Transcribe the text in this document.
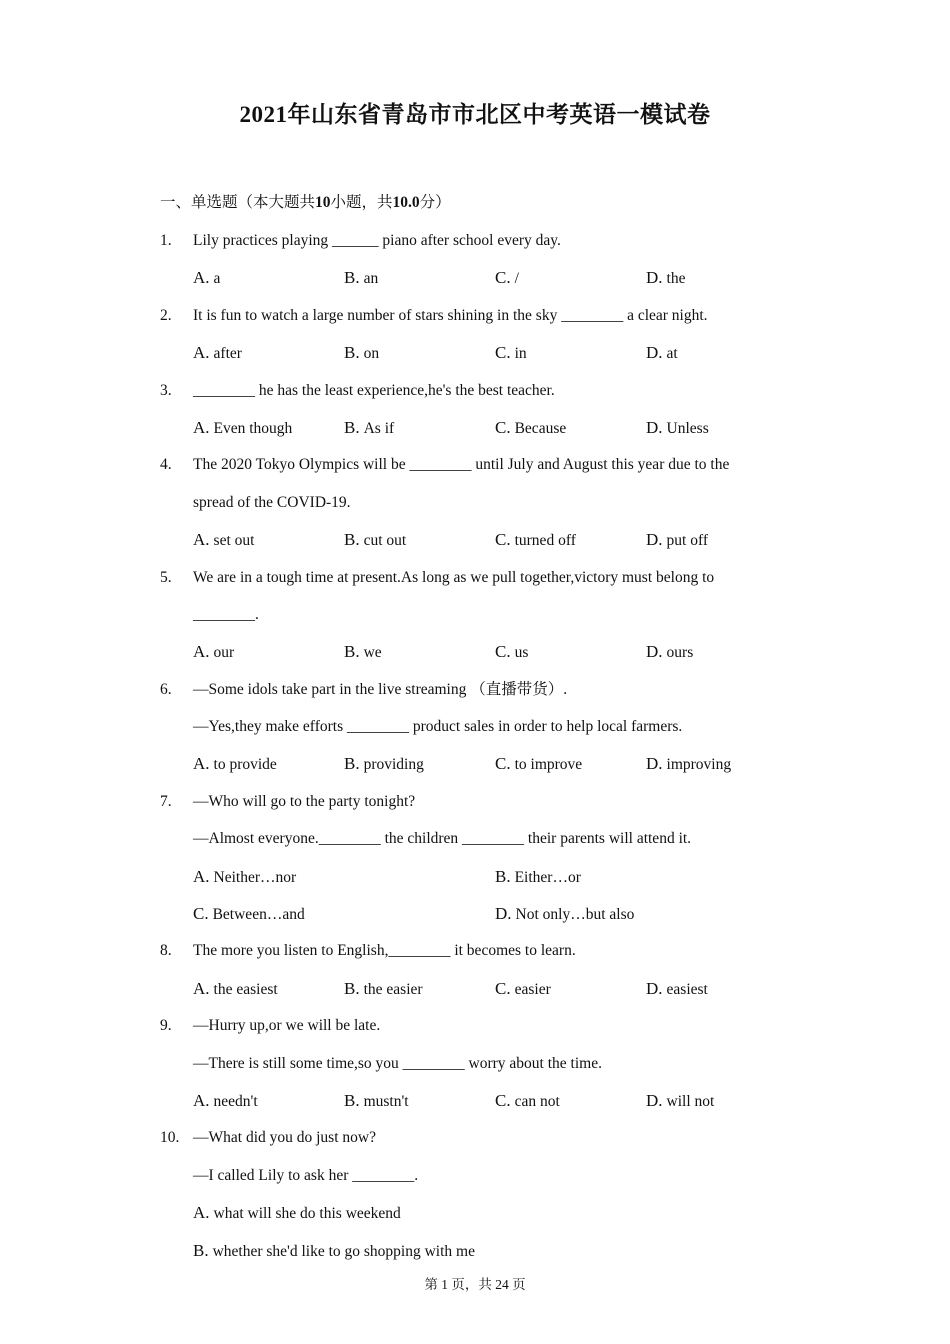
2021年山东省青岛市市北区中考英语一模试卷
一、单选题（本大题共10小题，共10.0分）
1.	Lily practices playing ______ piano after school every day.
A. a	B. an	C. /	D. the
2.	It is fun to watch a large number of stars shining in the sky ________ a clear night.
A. after	B. on	C. in	D. at
3.	________ he has the least experience,he's the best teacher.
A. Even though	B. As if	C. Because	D. Unless
4.	The 2020 Tokyo Olympics will be ________ until July and August this year due to the
spread of the COVID-19.
A. set out	B. cut out	C. turned off	D. put off
5.	We are in a tough time at present.As long as we pull together,victory must belong to
________.
A. our	B. we	C. us	D. ours
6.	—Some idols take part in the live streaming （直播带货）.
—Yes,they make efforts ________ product sales in order to help local farmers.
A. to provide	B. providing	C. to improve	D. improving
7.	—Who will go to the party tonight?
—Almost everyone.________ the children ________ their parents will attend it.
A. Neither…nor	B. Either…or
C. Between…and	D. Not only…but also
8.	The more you listen to English,________ it becomes to learn.
A. the easiest	B. the easier	C. easier	D. easiest
9.	—Hurry up,or we will be late.
—There is still some time,so you ________ worry about the time.
A. needn't	B. mustn't	C. can not	D. will not
10. —What did you do just now?
—I called Lily to ask her ________.
A. what will she do this weekend
B. whether she'd like to go shopping with me
第 1 页，共 24 页
